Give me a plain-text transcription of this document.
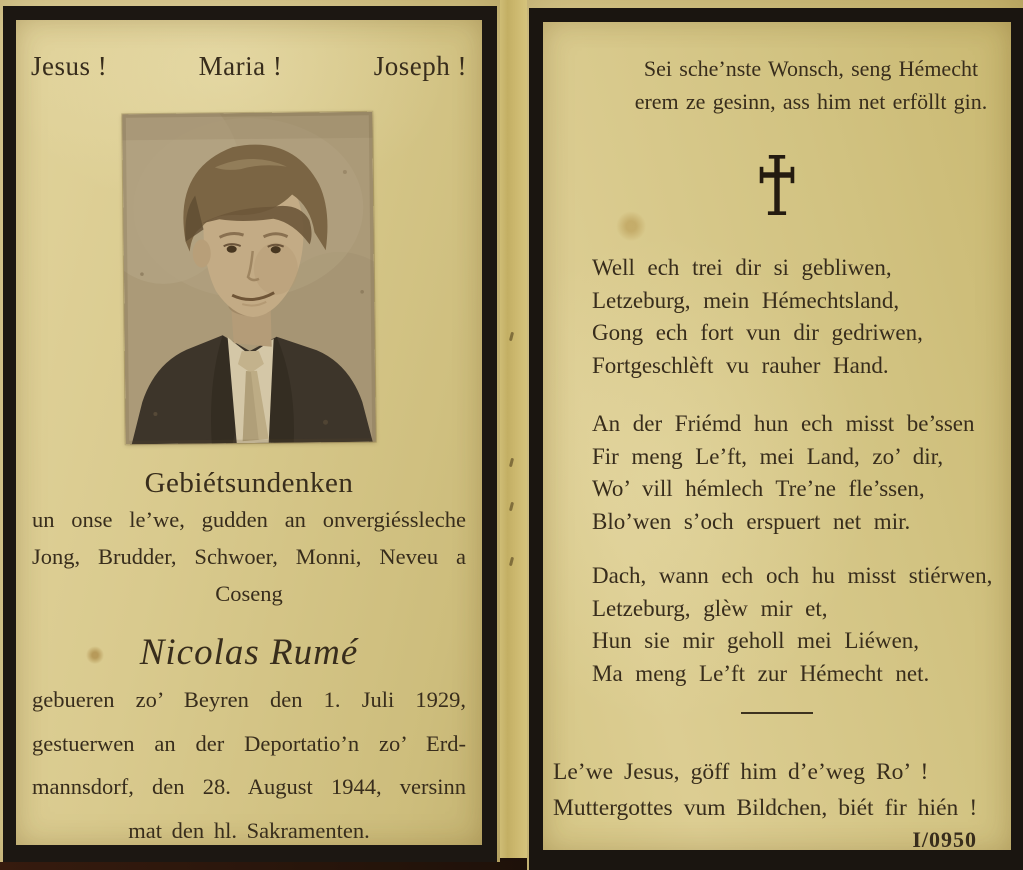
Jesus !	Maria !	Joseph !
Gebiétsundenken

un onse le’we, gudden an onvergiéssleche

Jong, Brudder, Schwoer, Monni, Neveu a

Coseng

Nicolas Rumé

gebueren zo’ Beyren den 1. Juli 1929,

gestuerwen an der Deportatio’n zo’ Erd-

mannsdorf, den 28. August 1944, versinn

mat den hl. Sakramenten.

Sei sche’nste Wonsch, seng Hémecht

erem ze gesinn, ass him net erföllt gin.

Well ech trei dir si gebliwen,

Letzeburg, mein Hémechtsland,

Gong ech fort vun dir gedriwen,

Fortgeschlèft vu rauher Hand.

An der Friémd hun ech misst be’ssen

Fir meng Le’ft, mei Land, zo’ dir,

Wo’ vill hémlech Tre’ne fle’ssen,

Blo’wen s’och erspuert net mir.

Dach, wann ech och hu misst stiérwen,

Letzeburg, glèw mir et,

Hun sie mir geholl mei Liéwen,

Ma meng Le’ft zur Hémecht net.

Le’we Jesus, göff him d’e’weg Ro’ !

Muttergottes vum Bildchen, biét fir hién !

I/0950
